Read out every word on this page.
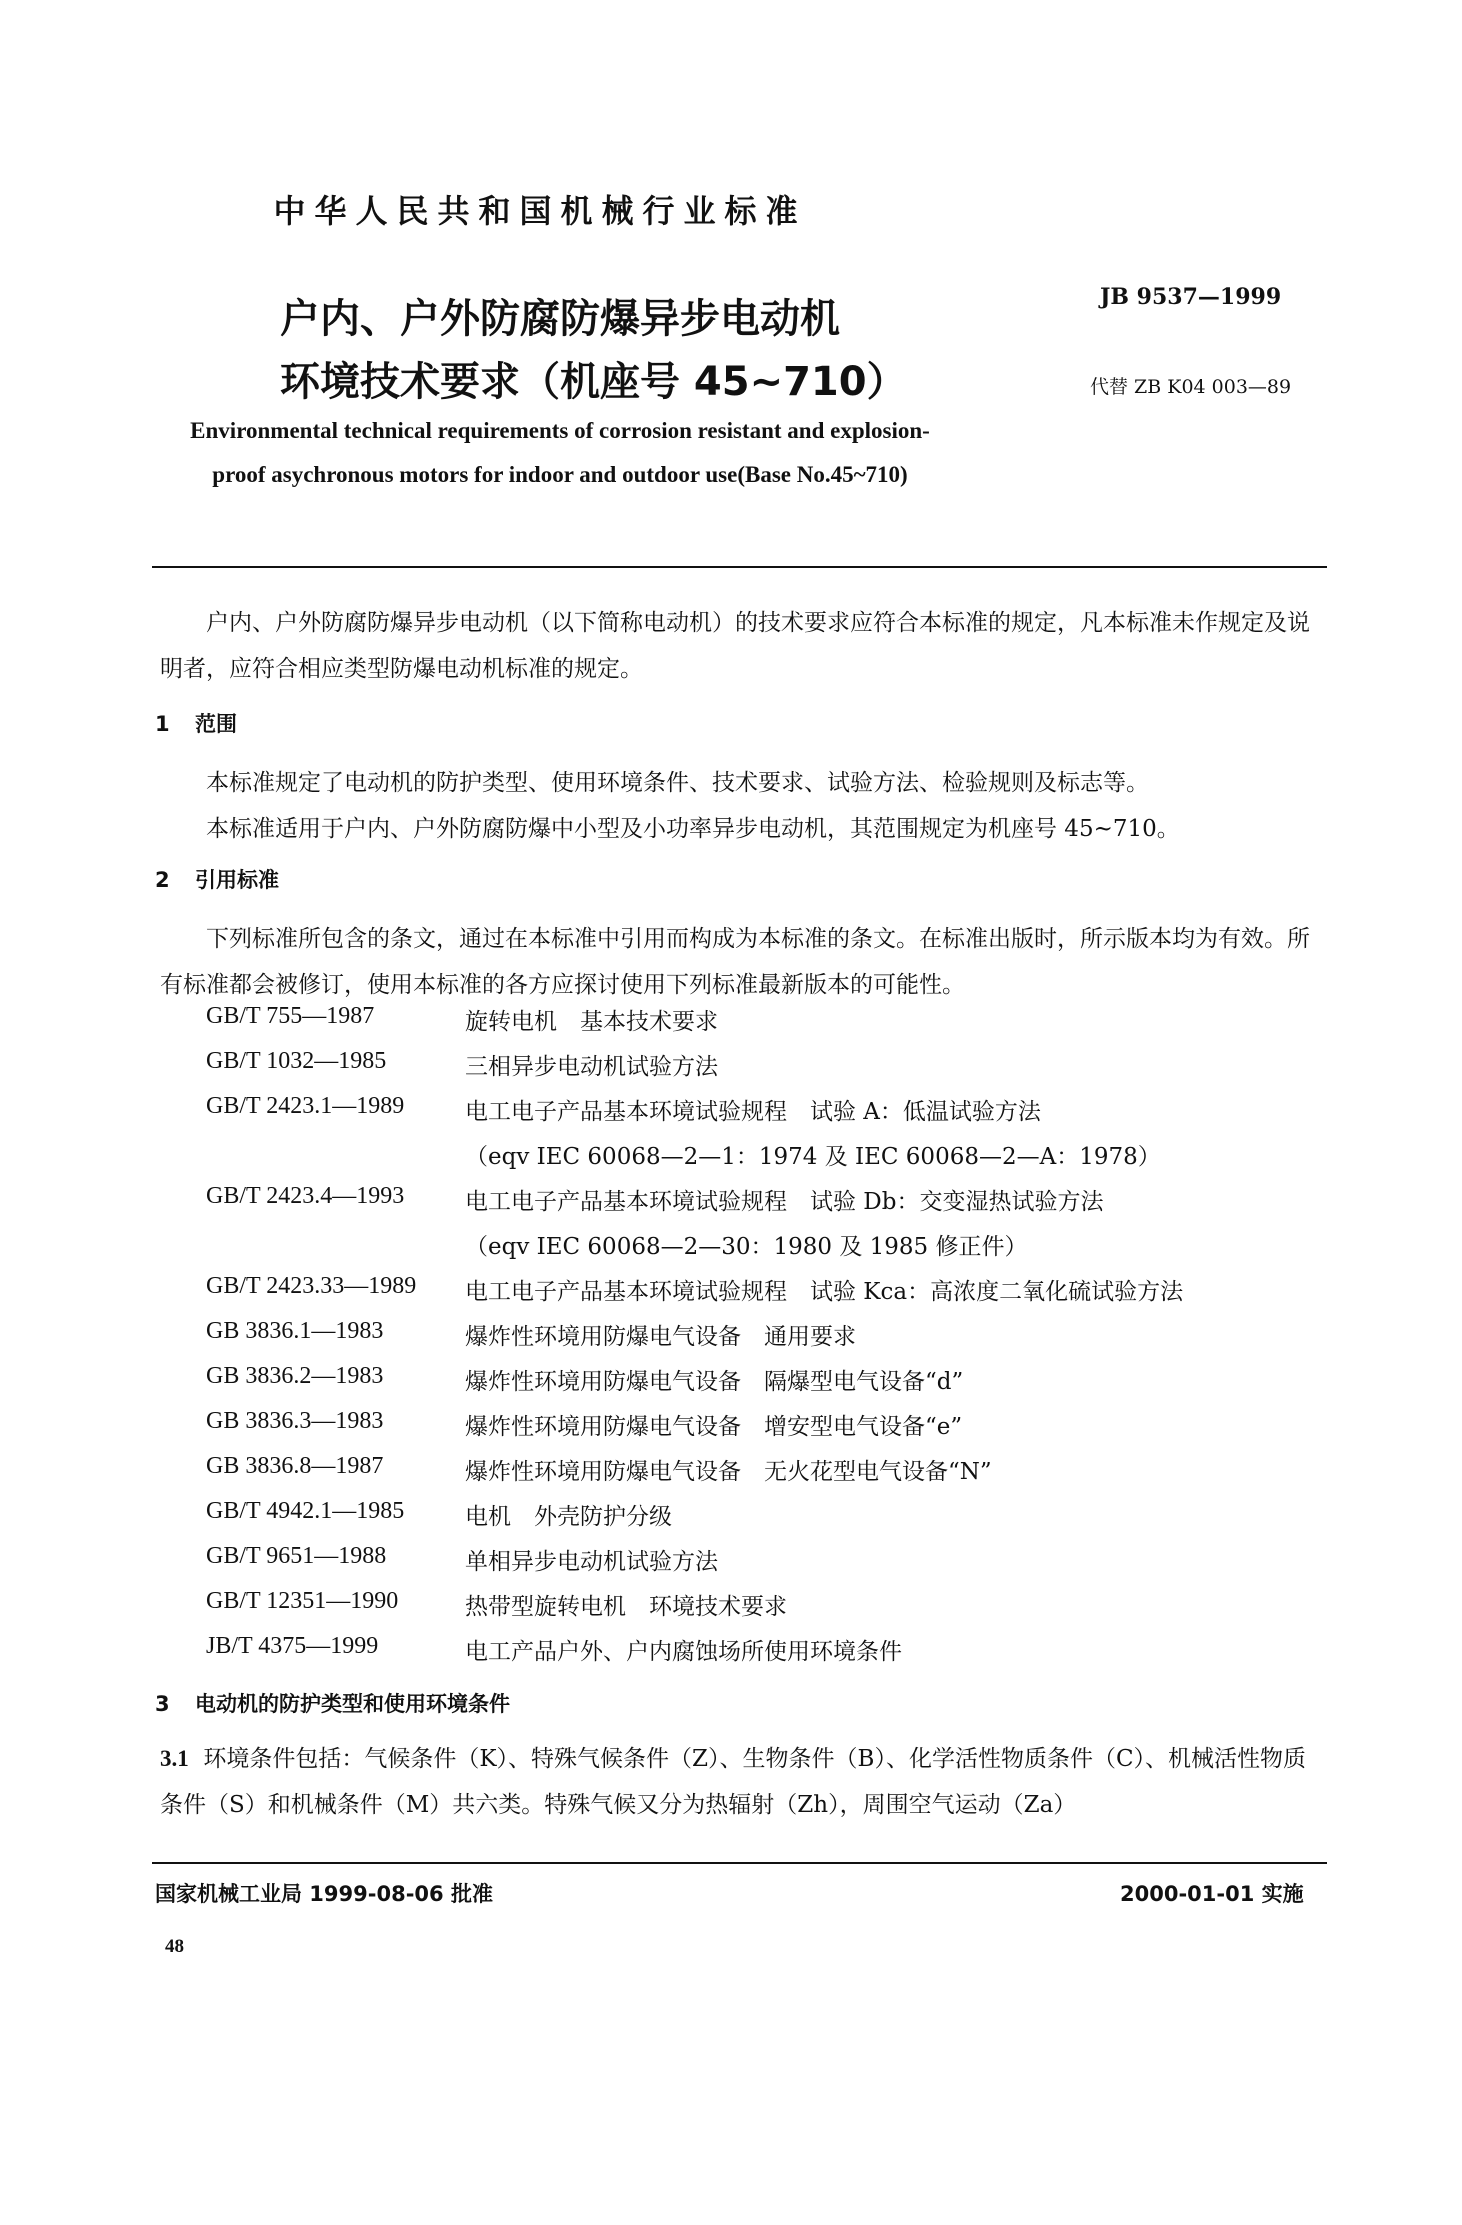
中华人民共和国机械行业标准
户内、户外防腐防爆异步电动机
环境技术要求（机座号 45~710）
JB 9537—1999
代替 ZB K04 003—89
Environmental technical requirements of corrosion resistant and explosion-
proof asychronous motors for indoor and outdoor use(Base No.45~710)
户内、户外防腐防爆异步电动机（以下简称电动机）的技术要求应符合本标准的规定，凡本标准未作规定及说明者，应符合相应类型防爆电动机标准的规定。
1 范围
本标准规定了电动机的防护类型、使用环境条件、技术要求、试验方法、检验规则及标志等。
本标准适用于户内、户外防腐防爆中小型及小功率异步电动机，其范围规定为机座号 45~710。
2 引用标准
下列标准所包含的条文，通过在本标准中引用而构成为本标准的条文。在标准出版时，所示版本均为有效。所有标准都会被修订，使用本标准的各方应探讨使用下列标准最新版本的可能性。
GB/T 755—1987	旋转电机　基本技术要求
GB/T 1032—1985	三相异步电动机试验方法
GB/T 2423.1—1989	电工电子产品基本环境试验规程　试验 A：低温试验方法
（eqv IEC 60068—2—1：1974 及 IEC 60068—2—A：1978）
GB/T 2423.4—1993	电工电子产品基本环境试验规程　试验 Db：交变湿热试验方法
（eqv IEC 60068—2—30：1980 及 1985 修正件）
GB/T 2423.33—1989 电工电子产品基本环境试验规程　试验 Kca：高浓度二氧化硫试验方法
GB 3836.1—1983	爆炸性环境用防爆电气设备　通用要求
GB 3836.2—1983	爆炸性环境用防爆电气设备　隔爆型电气设备“d”
GB 3836.3—1983	爆炸性环境用防爆电气设备　增安型电气设备“e”
GB 3836.8—1987	爆炸性环境用防爆电气设备　无火花型电气设备“N”
GB/T 4942.1—1985	电机　外壳防护分级
GB/T 9651—1988	单相异步电动机试验方法
GB/T 12351—1990	热带型旋转电机　环境技术要求
JB/T 4375—1999	电工产品户外、户内腐蚀场所使用环境条件
3 电动机的防护类型和使用环境条件
3.1 环境条件包括：气候条件（K）、特殊气候条件（Z）、生物条件（B）、化学活性物质条件（C）、机械活性物质条件（S）和机械条件（M）共六类。特殊气候又分为热辐射（Zh），周围空气运动（Za）
国家机械工业局 1999-08-06 批准	2000-01-01 实施
48
